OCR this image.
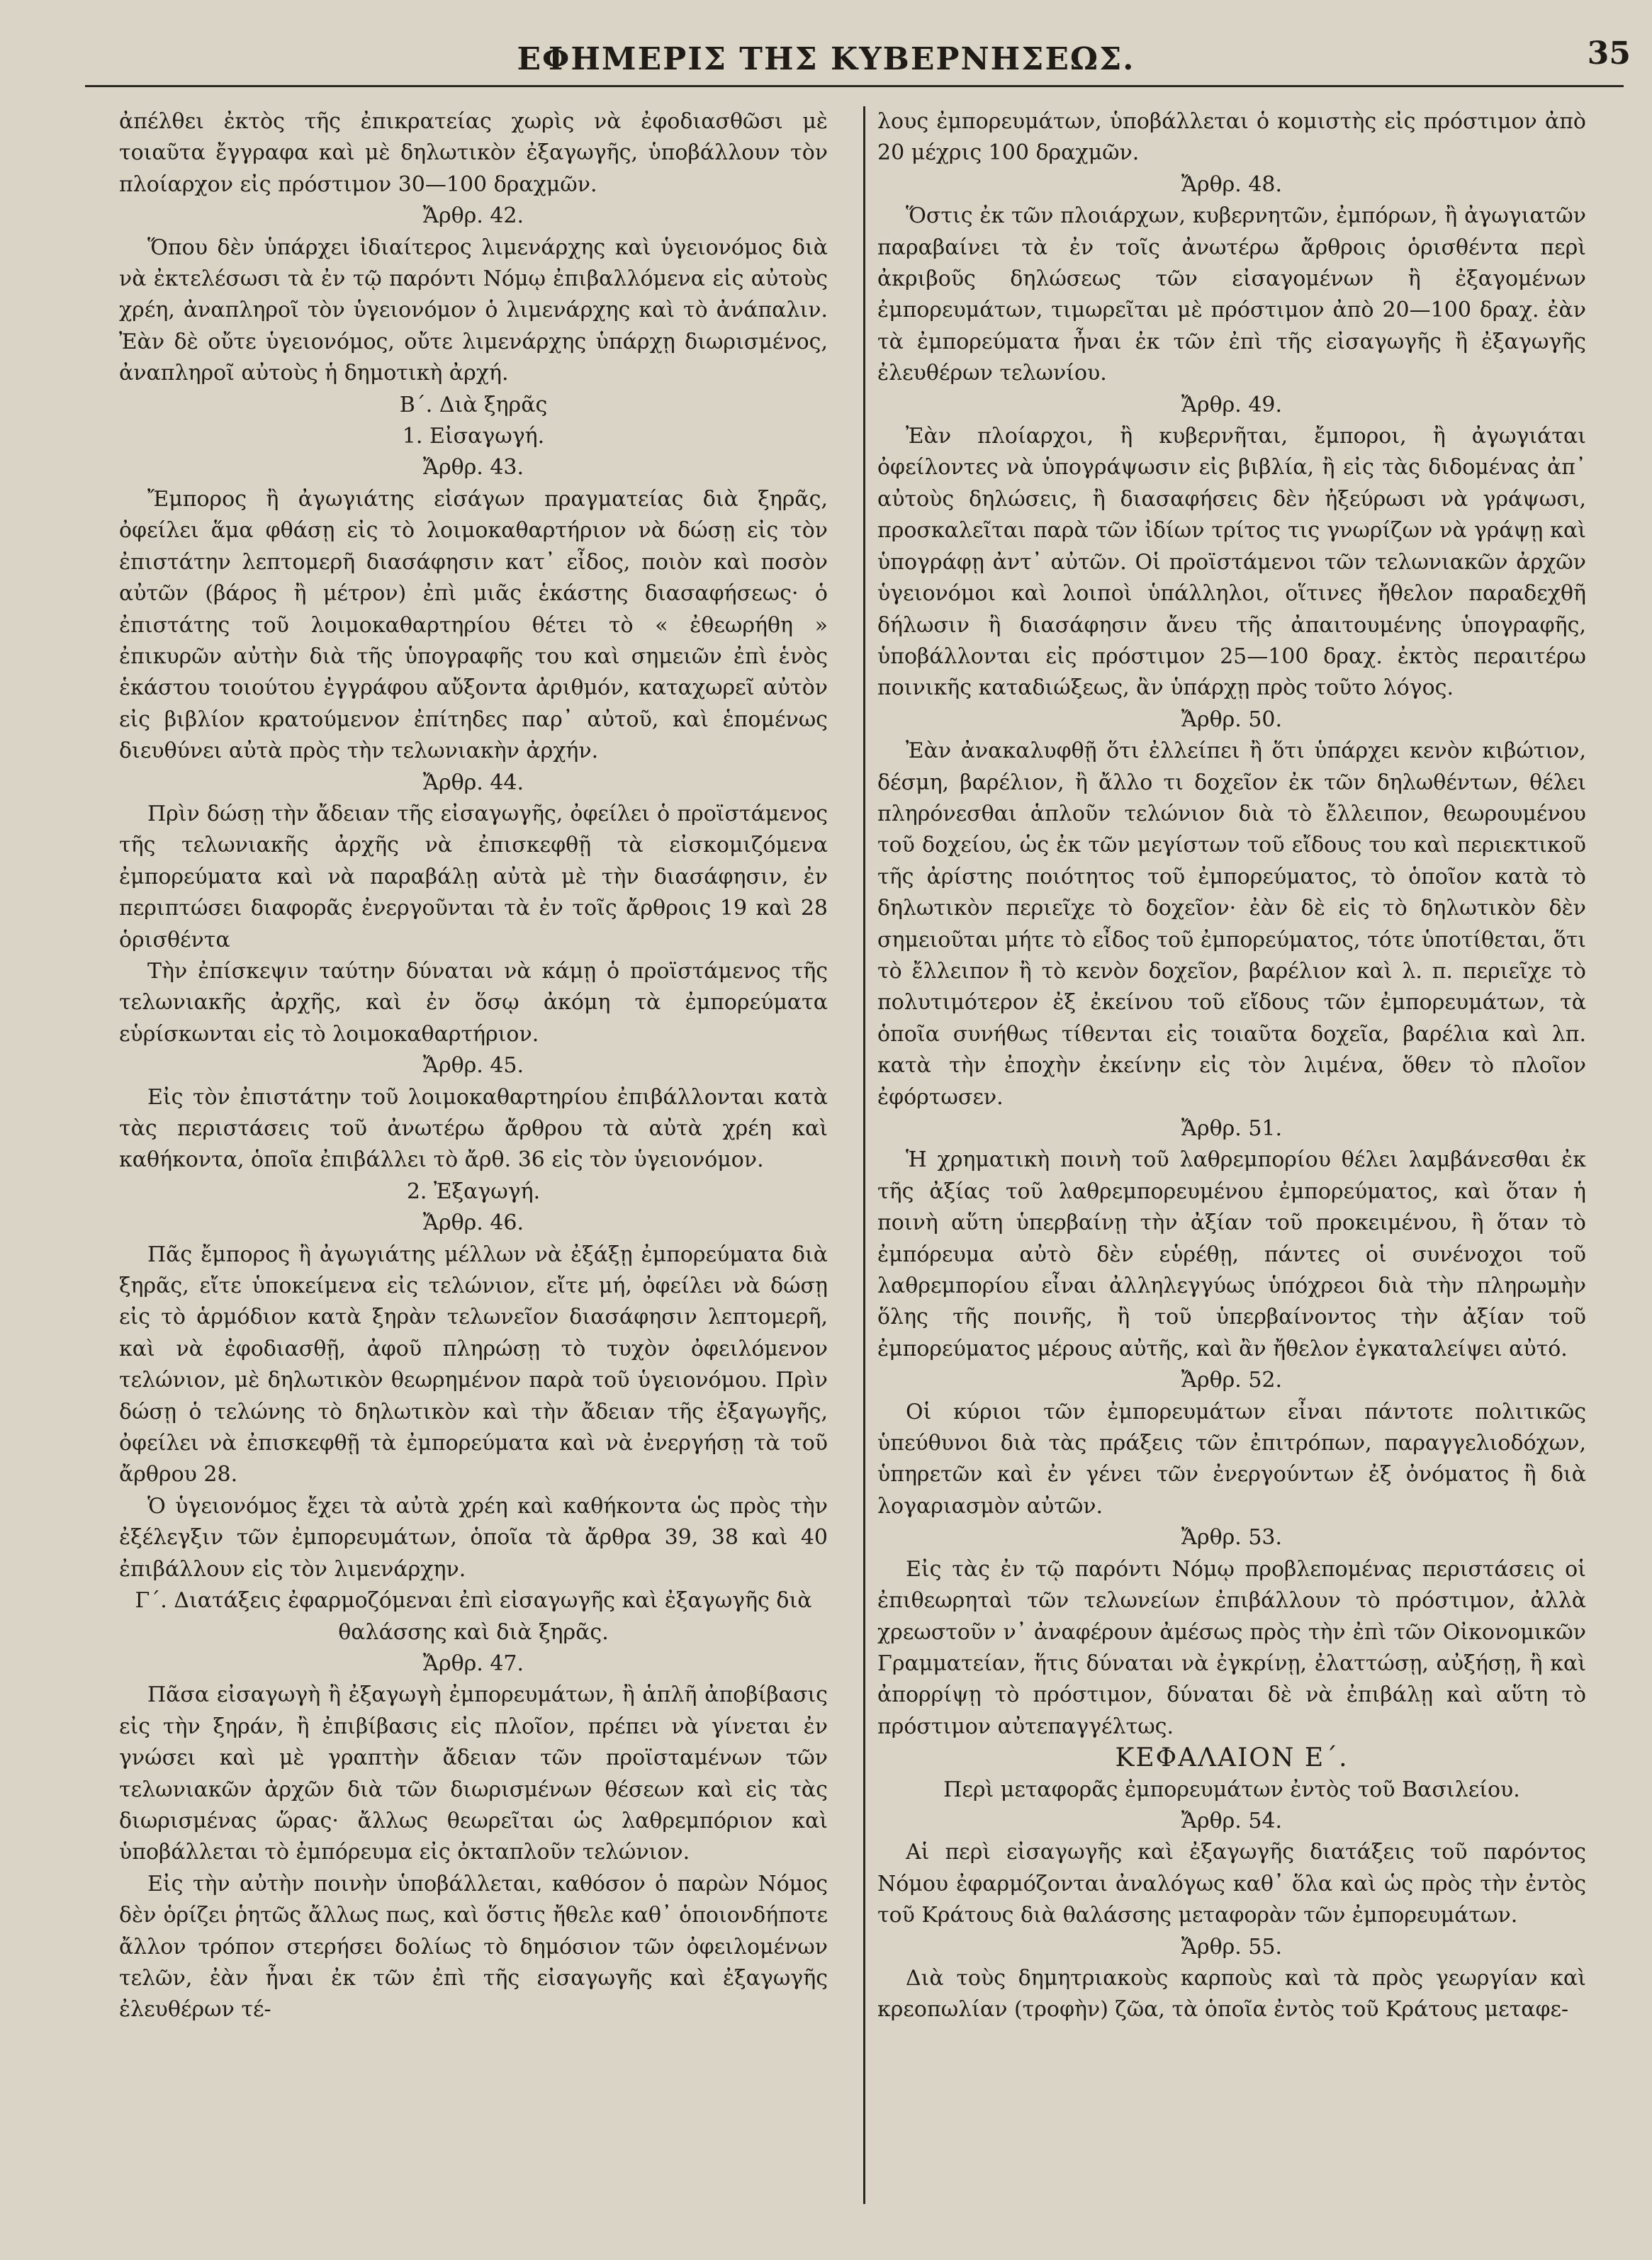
ΕΦΗΜΕΡΙΣ ΤΗΣ ΚΥΒΕΡΝΗΣΕΩΣ.	35

ἀπέλθει ἐκτὸς τῆς ἐπικρατείας χωρὶς νὰ ἐφοδιασθῶσι μὲ τοιαῦτα ἔγγραφα καὶ μὲ δηλωτικὸν ἐξαγωγῆς, ὑποβάλλουν τὸν πλοίαρχον εἰς πρόστιμον 30—100 δραχμῶν.

Ἄρθρ. 42.

Ὅπου δὲν ὑπάρχει ἰδιαίτερος λιμενάρχης καὶ ὑγειονόμος διὰ νὰ ἐκτελέσωσι τὰ ἐν τῷ παρόντι Νόμῳ ἐπιβαλλόμενα εἰς αὐτοὺς χρέη, ἀναπληροῖ τὸν ὑγειονόμον ὁ λιμενάρχης καὶ τὸ ἀνάπαλιν. Ἐὰν δὲ οὔτε ὑγειονόμος, οὔτε λιμενάρχης ὑπάρχῃ διωρισμένος, ἀναπληροῖ αὐτοὺς ἡ δημοτικὴ ἀρχή.

Β΄. Διὰ ξηρᾶς

1. Εἰσαγωγή.

Ἄρθρ. 43.

Ἔμπορος ἢ ἀγωγιάτης εἰσάγων πραγματείας διὰ ξηρᾶς, ὀφείλει ἅμα φθάσῃ εἰς τὸ λοιμοκαθαρτήριον νὰ δώσῃ εἰς τὸν ἐπιστάτην λεπτομερῆ διασάφησιν κατ᾽ εἶδος, ποιὸν καὶ ποσὸν αὐτῶν (βάρος ἢ μέτρον) ἐπὶ μιᾶς ἑκάστης διασαφήσεως· ὁ ἐπιστάτης τοῦ λοιμοκαθαρτηρίου θέτει τὸ « ἐθεωρήθη » ἐπικυρῶν αὐτὴν διὰ τῆς ὑπογραφῆς του καὶ σημειῶν ἐπὶ ἑνὸς ἑκάστου τοιούτου ἐγγράφου αὔξοντα ἀριθμόν, καταχωρεῖ αὐτὸν εἰς βιβλίον κρατούμενον ἐπίτηδες παρ᾽ αὐτοῦ, καὶ ἑπομένως διευθύνει αὐτὰ πρὸς τὴν τελωνιακὴν ἀρχήν.

Ἄρθρ. 44.

Πρὶν δώσῃ τὴν ἄδειαν τῆς εἰσαγωγῆς, ὀφείλει ὁ προϊστάμενος τῆς τελωνιακῆς ἀρχῆς νὰ ἐπισκεφθῇ τὰ εἰσκομιζόμενα ἐμπορεύματα καὶ νὰ παραβάλῃ αὐτὰ μὲ τὴν διασάφησιν, ἐν περιπτώσει διαφορᾶς ἐνεργοῦνται τὰ ἐν τοῖς ἄρθροις 19 καὶ 28 ὁρισθέντα

Τὴν ἐπίσκεψιν ταύτην δύναται νὰ κάμῃ ὁ προϊστάμενος τῆς τελωνιακῆς ἀρχῆς, καὶ ἐν ὅσῳ ἀκόμη τὰ ἐμπορεύματα εὑρίσκωνται εἰς τὸ λοιμοκαθαρτήριον.

Ἄρθρ. 45.

Εἰς τὸν ἐπιστάτην τοῦ λοιμοκαθαρτηρίου ἐπιβάλλονται κατὰ τὰς περιστάσεις τοῦ ἀνωτέρω ἄρθρου τὰ αὐτὰ χρέη καὶ καθήκοντα, ὁποῖα ἐπιβάλλει τὸ ἄρθ. 36 εἰς τὸν ὑγειονόμον.

2. Ἐξαγωγή.

Ἄρθρ. 46.

Πᾶς ἔμπορος ἢ ἀγωγιάτης μέλλων νὰ ἐξάξῃ ἐμπορεύματα διὰ ξηρᾶς, εἴτε ὑποκείμενα εἰς τελώνιον, εἴτε μή, ὀφείλει νὰ δώσῃ εἰς τὸ ἁρμόδιον κατὰ ξηρὰν τελωνεῖον διασάφησιν λεπτομερῆ, καὶ νὰ ἐφοδιασθῇ, ἀφοῦ πληρώσῃ τὸ τυχὸν ὀφειλόμενον τελώνιον, μὲ δηλωτικὸν θεωρημένον παρὰ τοῦ ὑγειονόμου. Πρὶν δώσῃ ὁ τελώνης τὸ δηλωτικὸν καὶ τὴν ἄδειαν τῆς ἐξαγωγῆς, ὀφείλει νὰ ἐπισκεφθῇ τὰ ἐμπορεύματα καὶ νὰ ἐνεργήσῃ τὰ τοῦ ἄρθρου 28.

Ὁ ὑγειονόμος ἔχει τὰ αὐτὰ χρέη καὶ καθήκοντα ὡς πρὸς τὴν ἐξέλεγξιν τῶν ἐμπορευμάτων, ὁποῖα τὰ ἄρθρα 39, 38 καὶ 40 ἐπιβάλλουν εἰς τὸν λιμενάρχην.

Γ΄. Διατάξεις ἐφαρμοζόμεναι ἐπὶ εἰσαγωγῆς καὶ ἐξαγωγῆς διὰ θαλάσσης καὶ διὰ ξηρᾶς.

Ἄρθρ. 47.

Πᾶσα εἰσαγωγὴ ἢ ἐξαγωγὴ ἐμπορευμάτων, ἢ ἁπλῆ ἀποβίβασις εἰς τὴν ξηράν, ἢ ἐπιβίβασις εἰς πλοῖον, πρέπει νὰ γίνεται ἐν γνώσει καὶ μὲ γραπτὴν ἄδειαν τῶν προϊσταμένων τῶν τελωνιακῶν ἀρχῶν διὰ τῶν διωρισμένων θέσεων καὶ εἰς τὰς διωρισμένας ὥρας· ἄλλως θεωρεῖται ὡς λαθρεμπόριον καὶ ὑποβάλλεται τὸ ἐμπόρευμα εἰς ὀκταπλοῦν τελώνιον.

Εἰς τὴν αὐτὴν ποινὴν ὑποβάλλεται, καθόσον ὁ παρὼν Νόμος δὲν ὁρίζει ῥητῶς ἄλλως πως, καὶ ὅστις ἤθελε καθ᾽ ὁποιονδήποτε ἄλλον τρόπον στερήσει δολίως τὸ δημόσιον τῶν ὀφειλομένων τελῶν, ἐὰν ἦναι ἐκ τῶν ἐπὶ τῆς εἰσαγωγῆς καὶ ἐξαγωγῆς ἐλευθέρων τέ-

λους ἐμπορευμάτων, ὑποβάλλεται ὁ κομιστὴς εἰς πρόστιμον ἀπὸ 20 μέχρις 100 δραχμῶν.

Ἄρθρ. 48.

Ὅστις ἐκ τῶν πλοιάρχων, κυβερνητῶν, ἐμπόρων, ἢ ἀγωγιατῶν παραβαίνει τὰ ἐν τοῖς ἀνωτέρω ἄρθροις ὁρισθέντα περὶ ἀκριβοῦς δηλώσεως τῶν εἰσαγομένων ἢ ἐξαγομένων ἐμπορευμάτων, τιμωρεῖται μὲ πρόστιμον ἀπὸ 20—100 δραχ. ἐὰν τὰ ἐμπορεύματα ἦναι ἐκ τῶν ἐπὶ τῆς εἰσαγωγῆς ἢ ἐξαγωγῆς ἐλευθέρων τελωνίου.

Ἄρθρ. 49.

Ἐὰν πλοίαρχοι, ἢ κυβερνῆται, ἔμποροι, ἢ ἀγωγιάται ὀφείλοντες νὰ ὑπογράψωσιν εἰς βιβλία, ἢ εἰς τὰς διδομένας ἀπ᾽ αὐτοὺς δηλώσεις, ἢ διασαφήσεις δὲν ἠξεύρωσι νὰ γράψωσι, προσκαλεῖται παρὰ τῶν ἰδίων τρίτος τις γνωρίζων νὰ γράψῃ καὶ ὑπογράφῃ ἀντ᾽ αὐτῶν. Οἱ προϊστάμενοι τῶν τελωνιακῶν ἀρχῶν ὑγειονόμοι καὶ λοιποὶ ὑπάλληλοι, οἵτινες ἤθελον παραδεχθῆ δήλωσιν ἢ διασάφησιν ἄνευ τῆς ἀπαιτουμένης ὑπογραφῆς, ὑποβάλλονται εἰς πρόστιμον 25—100 δραχ. ἐκτὸς περαιτέρω ποινικῆς καταδιώξεως, ἂν ὑπάρχῃ πρὸς τοῦτο λόγος.

Ἄρθρ. 50.

Ἐὰν ἀνακαλυφθῇ ὅτι ἐλλείπει ἢ ὅτι ὑπάρχει κενὸν κιβώτιον, δέσμη, βαρέλιον, ἢ ἄλλο τι δοχεῖον ἐκ τῶν δηλωθέντων, θέλει πληρόνεσθαι ἁπλοῦν τελώνιον διὰ τὸ ἔλλειπον, θεωρουμένου τοῦ δοχείου, ὡς ἐκ τῶν μεγίστων τοῦ εἴδους του καὶ περιεκτικοῦ τῆς ἀρίστης ποιότητος τοῦ ἐμπορεύματος, τὸ ὁποῖον κατὰ τὸ δηλωτικὸν περιεῖχε τὸ δοχεῖον· ἐὰν δὲ εἰς τὸ δηλωτικὸν δὲν σημειοῦται μήτε τὸ εἶδος τοῦ ἐμπορεύματος, τότε ὑποτίθεται, ὅτι τὸ ἔλλειπον ἢ τὸ κενὸν δοχεῖον, βαρέλιον καὶ λ. π. περιεῖχε τὸ πολυτιμότερον ἐξ ἐκείνου τοῦ εἴδους τῶν ἐμπορευμάτων, τὰ ὁποῖα συνήθως τίθενται εἰς τοιαῦτα δοχεῖα, βαρέλια καὶ λπ. κατὰ τὴν ἐποχὴν ἐκείνην εἰς τὸν λιμένα, ὅθεν τὸ πλοῖον ἐφόρτωσεν.

Ἄρθρ. 51.

Ἡ χρηματικὴ ποινὴ τοῦ λαθρεμπορίου θέλει λαμβάνεσθαι ἐκ τῆς ἀξίας τοῦ λαθρεμπορευμένου ἐμπορεύματος, καὶ ὅταν ἡ ποινὴ αὕτη ὑπερβαίνῃ τὴν ἀξίαν τοῦ προκειμένου, ἢ ὅταν τὸ ἐμπόρευμα αὐτὸ δὲν εὑρέθῃ, πάντες οἱ συνένοχοι τοῦ λαθρεμπορίου εἶναι ἀλληλεγγύως ὑπόχρεοι διὰ τὴν πληρωμὴν ὅλης τῆς ποινῆς, ἢ τοῦ ὑπερβαίνοντος τὴν ἀξίαν τοῦ ἐμπορεύματος μέρους αὐτῆς, καὶ ἂν ἤθελον ἐγκαταλείψει αὐτό.

Ἄρθρ. 52.

Οἱ κύριοι τῶν ἐμπορευμάτων εἶναι πάντοτε πολιτικῶς ὑπεύθυνοι διὰ τὰς πράξεις τῶν ἐπιτρόπων, παραγγελιοδόχων, ὑπηρετῶν καὶ ἐν γένει τῶν ἐνεργούντων ἐξ ὀνόματος ἢ διὰ λογαριασμὸν αὐτῶν.

Ἄρθρ. 53.

Εἰς τὰς ἐν τῷ παρόντι Νόμῳ προβλεπομένας περιστάσεις οἱ ἐπιθεωρηταὶ τῶν τελωνείων ἐπιβάλλουν τὸ πρόστιμον, ἀλλὰ χρεωστοῦν ν᾽ ἀναφέρουν ἀμέσως πρὸς τὴν ἐπὶ τῶν Οἰκονομικῶν Γραμματείαν, ἥτις δύναται νὰ ἐγκρίνῃ, ἐλαττώσῃ, αὐξήσῃ, ἢ καὶ ἀπορρίψῃ τὸ πρόστιμον, δύναται δὲ νὰ ἐπιβάλῃ καὶ αὕτη τὸ πρόστιμον αὐτεπαγγέλτως.

ΚΕΦΑΛΑΙΟΝ Ε΄.

Περὶ μεταφορᾶς ἐμπορευμάτων ἐντὸς τοῦ Βασιλείου.

Ἄρθρ. 54.

Αἱ περὶ εἰσαγωγῆς καὶ ἐξαγωγῆς διατάξεις τοῦ παρόντος Νόμου ἐφαρμόζονται ἀναλόγως καθ᾽ ὅλα καὶ ὡς πρὸς τὴν ἐντὸς τοῦ Κράτους διὰ θαλάσσης μεταφορὰν τῶν ἐμπορευμάτων.

Ἄρθρ. 55.

Διὰ τοὺς δημητριακοὺς καρποὺς καὶ τὰ πρὸς γεωργίαν καὶ κρεοπωλίαν (τροφὴν) ζῶα, τὰ ὁποῖα ἐντὸς τοῦ Κράτους μεταφε-
